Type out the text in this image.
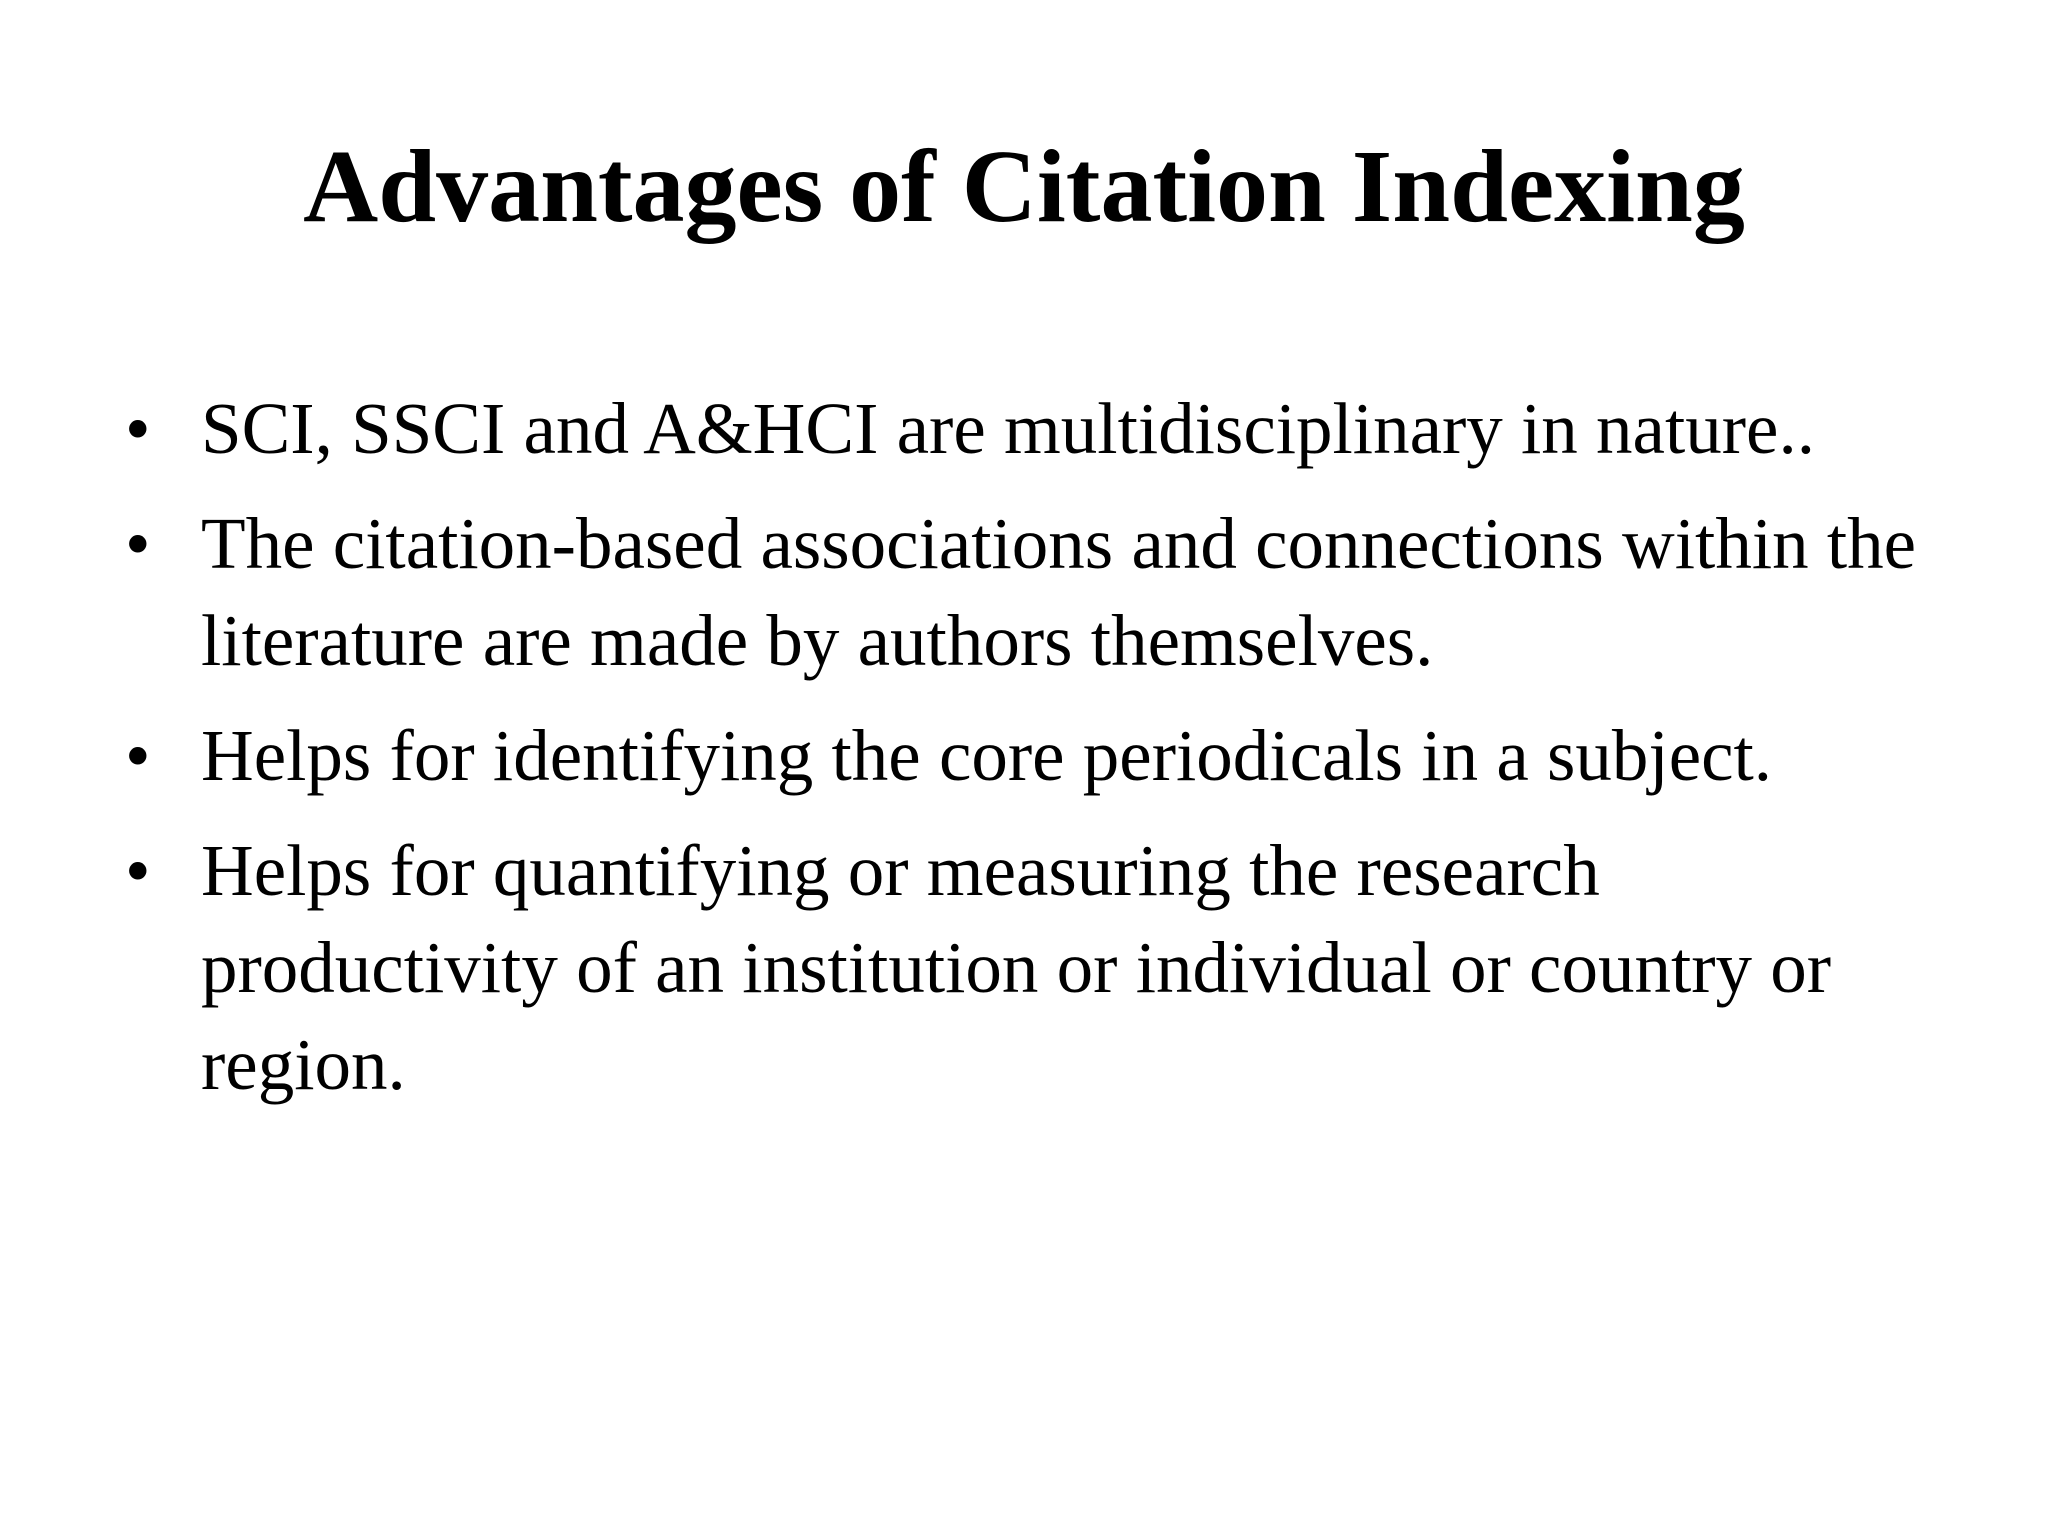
Advantages of Citation Indexing
• SCI, SSCI and A&HCI are multidisciplinary in nature..
• The citation-based associations and connections within the literature are made by authors themselves.
• Helps for identifying the core periodicals in a subject.
• Helps for quantifying or measuring the research productivity of an institution or individual or country or region.
